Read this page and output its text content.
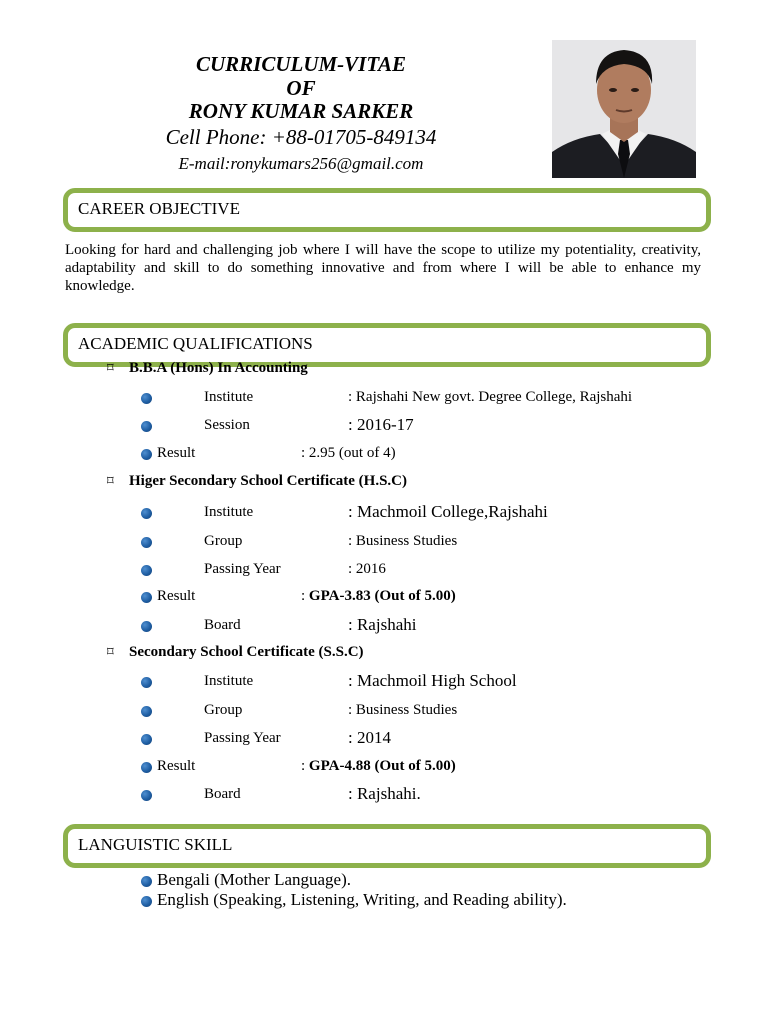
CURRICULUM-VITAE
OF
RONY KUMAR SARKER
Cell Phone: +88-01705-849134
E-mail:ronykumars256@gmail.com
CAREER OBJECTIVE
Looking for hard and challenging job where I will have the scope to utilize my potentiality, creativity, adaptability and skill to do something innovative and from where I will be able to enhance my knowledge.
ACADEMIC QUALIFICATIONS
⌑ B.B.A (Hons) In Accounting
Institute	: Rajshahi New govt. Degree College, Rajshahi
Session	: 2016-17
Result	: 2.95 (out of 4)
⌑ Higer Secondary School Certificate (H.S.C)
Institute	: Machmoil College,Rajshahi
Group	: Business Studies
Passing Year	: 2016
Result	: GPA-3.83 (Out of 5.00)
Board	: Rajshahi
⌑ Secondary School Certificate (S.S.C)
Institute	: Machmoil High School
Group	: Business Studies
Passing Year	: 2014
Result	: GPA-4.88 (Out of 5.00)
Board	: Rajshahi.
LANGUISTIC SKILL
Bengali (Mother Language).
English (Speaking, Listening, Writing, and Reading ability).
